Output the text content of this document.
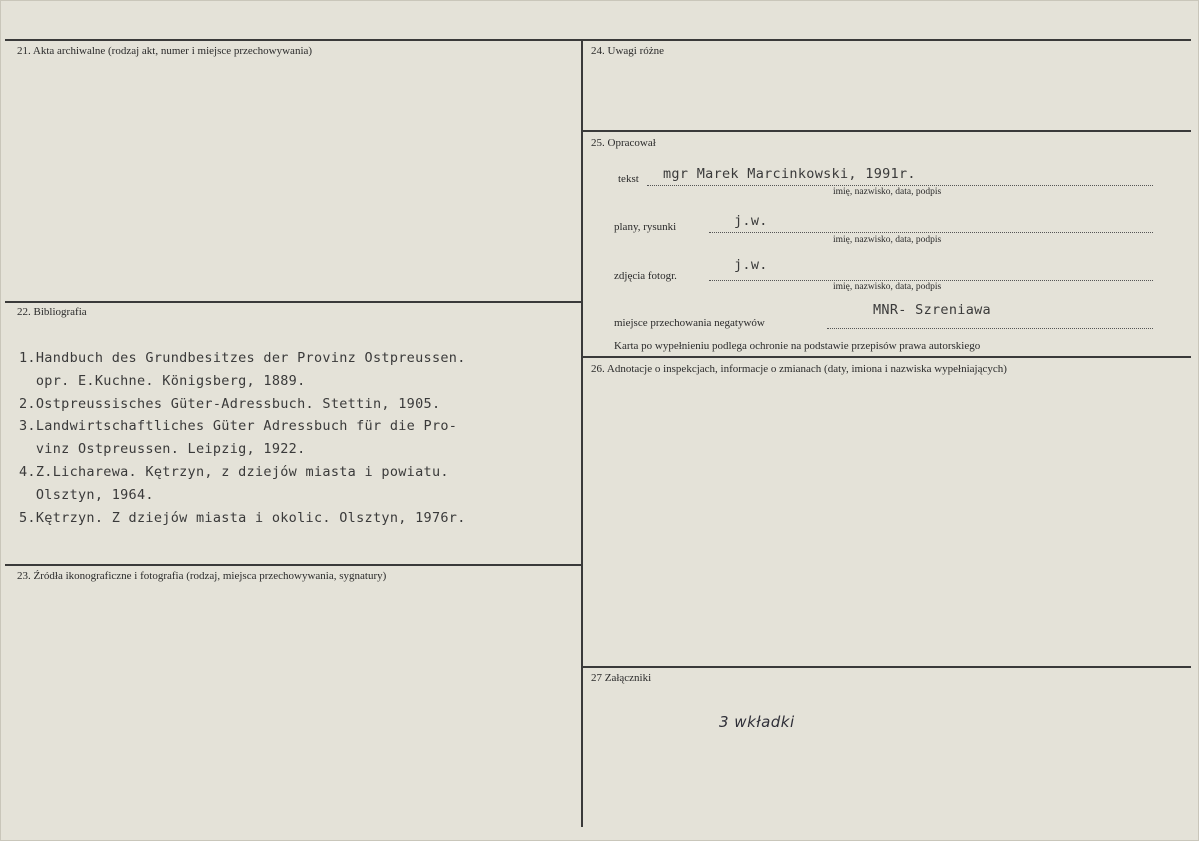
21. Akta archiwalne (rodzaj akt, numer i miejsce przechowywania)
22. Bibliografia
1.Handbuch des Grundbesitzes der Provinz Ostpreussen.
opr. E.Kuchne. Königsberg, 1889.
2.Ostpreussisches Güter-Adressbuch. Stettin, 1905.
3.Landwirtschaftliches Güter Adressbuch für die Pro-
vinz Ostpreussen. Leipzig, 1922.
4.Z.Licharewa. Kętrzyn, z dziejów miasta i powiatu.
Olsztyn, 1964.
5.Kętrzyn. Z dziejów miasta i okolic. Olsztyn, 1976r.
23. Źródła ikonograficzne i fotografia (rodzaj, miejsca przechowywania, sygnatury)
24. Uwagi różne
25. Opracował
tekst mgr Marek Marcinkowski, 1991r.
imię, nazwisko, data, podpis
plany, rysunki	j.w.
imię, nazwisko, data, podpis
zdjęcia fotogr.
j.w.
imię, nazwisko, data, podpis
miejsce przechowania negatywów
MNR- Szreniawa
Karta po wypełnieniu podlega ochronie na podstawie przepisów prawa autorskiego
26. Adnotacje o inspekcjach, informacje o zmianach (daty, imiona i nazwiska wypełniających)
27 Załączniki
3 wkładki
